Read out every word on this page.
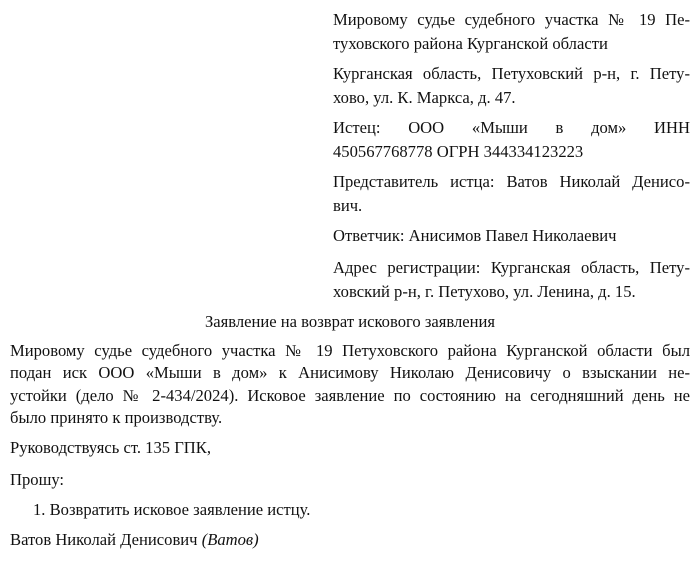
Мировому судье судебного участка № 19 Пе-
туховского района Курганской области
Курганская область, Петуховский р-н, г. Пету-
хово, ул. К. Маркса, д. 47.
Истец: ООО «Мыши в дом» ИНН
450567768778 ОГРН 344334123223
Представитель истца: Ватов Николай Денисо-
вич.
Ответчик: Анисимов Павел Николаевич
Адрес регистрации: Курганская область, Пету-
ховский р-н, г. Петухово, ул. Ленина, д. 15.
Заявление на возврат искового заявления
Мировому судье судебного участка № 19 Петуховского района Курганской области был
подан иск ООО «Мыши в дом» к Анисимову Николаю Денисовичу о взыскании не-
устойки (дело № 2-434/2024). Исковое заявление по состоянию на сегодняшний день не
было принято к производству.
Руководствуясь ст. 135 ГПК,
Прошу:
1. Возвратить исковое заявление истцу.
Ватов Николай Денисович (Ватов)
